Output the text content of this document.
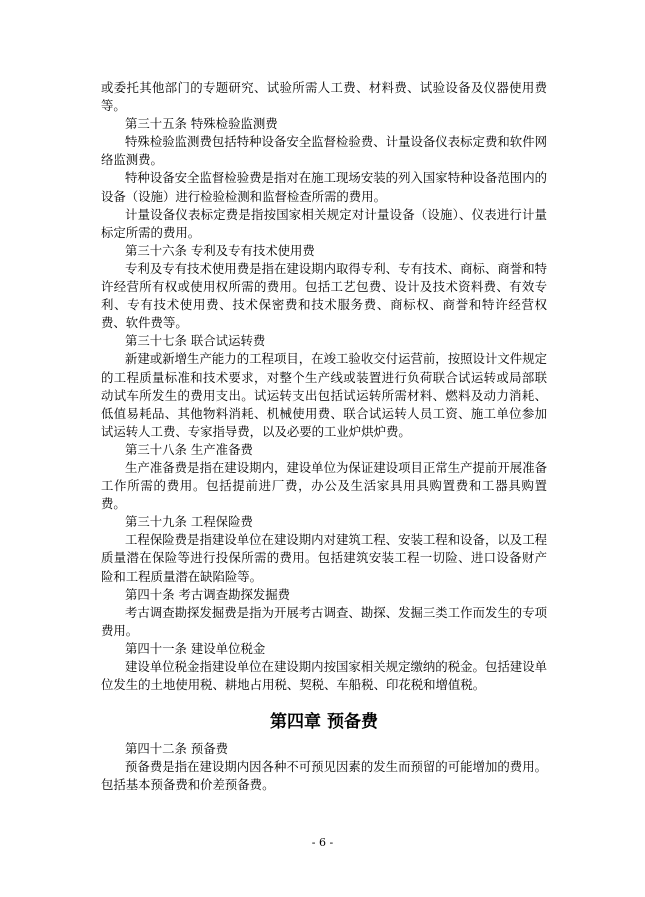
或委托其他部门的专题研究、试验所需人工费、材料费、试验设备及仪器使用费等。

第三十五条 特殊检验监测费

特殊检验监测费包括特种设备安全监督检验费、计量设备仪表标定费和软件网络监测费。

特种设备安全监督检验费是指对在施工现场安装的列入国家特种设备范围内的设备（设施）进行检验检测和监督检查所需的费用。

计量设备仪表标定费是指按国家相关规定对计量设备（设施）、仪表进行计量标定所需的费用。

第三十六条 专利及专有技术使用费

专利及专有技术使用费是指在建设期内取得专利、专有技术、商标、商誉和特许经营所有权或使用权所需的费用。包括工艺包费、设计及技术资料费、有效专利、专有技术使用费、技术保密费和技术服务费、商标权、商誉和特许经营权费、软件费等。

第三十七条 联合试运转费

新建或新增生产能力的工程项目，在竣工验收交付运营前，按照设计文件规定的工程质量标准和技术要求，对整个生产线或装置进行负荷联合试运转或局部联动试车所发生的费用支出。试运转支出包括试运转所需材料、燃料及动力消耗、低值易耗品、其他物料消耗、机械使用费、联合试运转人员工资、施工单位参加试运转人工费、专家指导费，以及必要的工业炉烘炉费。

第三十八条 生产准备费

生产准备费是指在建设期内，建设单位为保证建设项目正常生产提前开展准备工作所需的费用。包括提前进厂费，办公及生活家具用具购置费和工器具购置费。

第三十九条 工程保险费

工程保险费是指建设单位在建设期内对建筑工程、安装工程和设备，以及工程质量潜在保险等进行投保所需的费用。包括建筑安装工程一切险、进口设备财产险和工程质量潜在缺陷险等。

第四十条 考古调查勘探发掘费

考古调查勘探发掘费是指为开展考古调查、勘探、发掘三类工作而发生的专项费用。

第四十一条 建设单位税金

建设单位税金指建设单位在建设期内按国家相关规定缴纳的税金。包括建设单位发生的土地使用税、耕地占用税、契税、车船税、印花税和增值税。

第四章 预备费

第四十二条 预备费

预备费是指在建设期内因各种不可预见因素的发生而预留的可能增加的费用。包括基本预备费和价差预备费。

- 6 -
